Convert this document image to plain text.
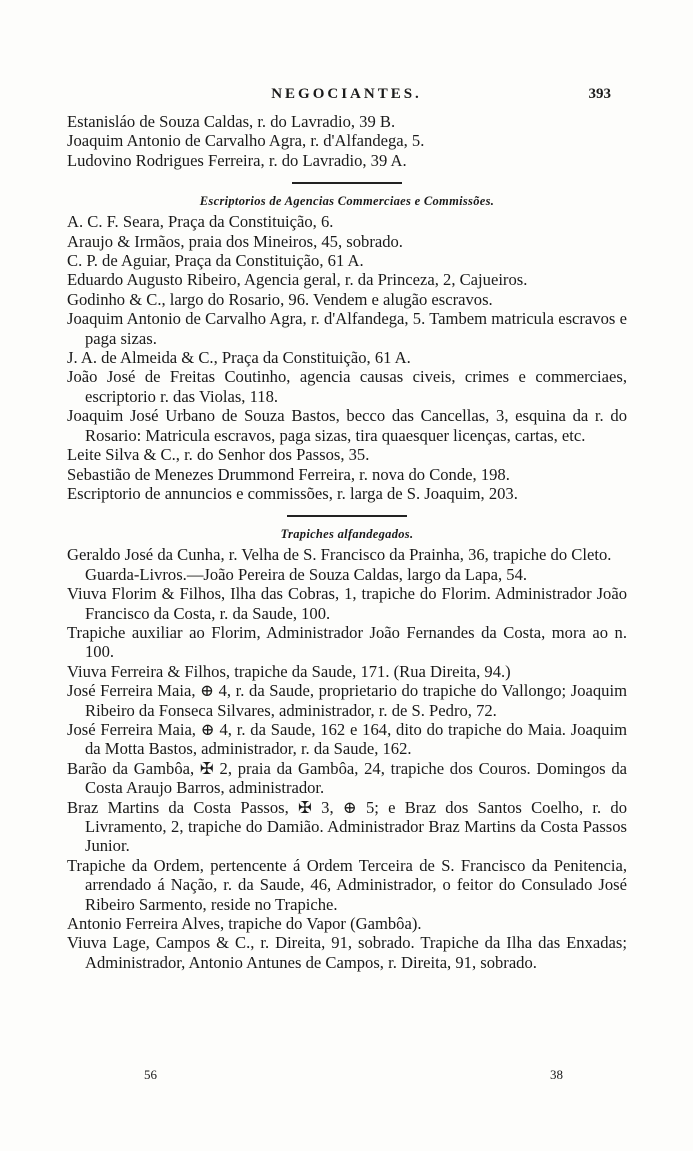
NEGOCIANTES.	393

Estanisláo de Souza Caldas, r. do Lavradio, 39 B.

Joaquim Antonio de Carvalho Agra, r. d'Alfandega, 5.

Ludovino Rodrigues Ferreira, r. do Lavradio, 39 A.

Escriptorios de Agencias Commerciaes e Commissões.

A. C. F. Seara, Praça da Constituição, 6.

Araujo & Irmãos, praia dos Mineiros, 45, sobrado.

C. P. de Aguiar, Praça da Constituição, 61 A.

Eduardo Augusto Ribeiro, Agencia geral, r. da Princeza, 2, Cajueiros.

Godinho & C., largo do Rosario, 96. Vendem e alugão escravos.

Joaquim Antonio de Carvalho Agra, r. d'Alfandega, 5. Tambem matricula escravos e paga sizas.

J. A. de Almeida & C., Praça da Constituição, 61 A.

João José de Freitas Coutinho, agencia causas civeis, crimes e commerciaes, escriptorio r. das Violas, 118.

Joaquim José Urbano de Souza Bastos, becco das Cancellas, 3, esquina da r. do Rosario: Matricula escravos, paga sizas, tira quaesquer licenças, cartas, etc.

Leite Silva & C., r. do Senhor dos Passos, 35.

Sebastião de Menezes Drummond Ferreira, r. nova do Conde, 198.

Escriptorio de annuncios e commissões, r. larga de S. Joaquim, 203.

Trapiches alfandegados.

Geraldo José da Cunha, r. Velha de S. Francisco da Prainha, 36, trapiche do Cleto.

Guarda-Livros.—João Pereira de Souza Caldas, largo da Lapa, 54.

Viuva Florim & Filhos, Ilha das Cobras, 1, trapiche do Florim. Administrador João Francisco da Costa, r. da Saude, 100.

Trapiche auxiliar ao Florim, Administrador João Fernandes da Costa, mora ao n. 100.

Viuva Ferreira & Filhos, trapiche da Saude, 171. (Rua Direita, 94.)

José Ferreira Maia, ⊕ 4, r. da Saude, proprietario do trapiche do Vallongo; Joaquim Ribeiro da Fonseca Silvares, administrador, r. de S. Pedro, 72.

José Ferreira Maia, ⊕ 4, r. da Saude, 162 e 164, dito do trapiche do Maia. Joaquim da Motta Bastos, administrador, r. da Saude, 162.

Barão da Gambôa, ✠ 2, praia da Gambôa, 24, trapiche dos Couros. Domingos da Costa Araujo Barros, administrador.

Braz Martins da Costa Passos, ✠ 3, ⊕ 5; e Braz dos Santos Coelho, r. do Livramento, 2, trapiche do Damião. Administrador Braz Martins da Costa Passos Junior.

Trapiche da Ordem, pertencente á Ordem Terceira de S. Francisco da Penitencia, arrendado á Nação, r. da Saude, 46, Administrador, o feitor do Consulado José Ribeiro Sarmento, reside no Trapiche.

Antonio Ferreira Alves, trapiche do Vapor (Gambôa).

Viuva Lage, Campos & C., r. Direita, 91, sobrado. Trapiche da Ilha das Enxadas; Administrador, Antonio Antunes de Campos, r. Direita, 91, sobrado.

56	38
